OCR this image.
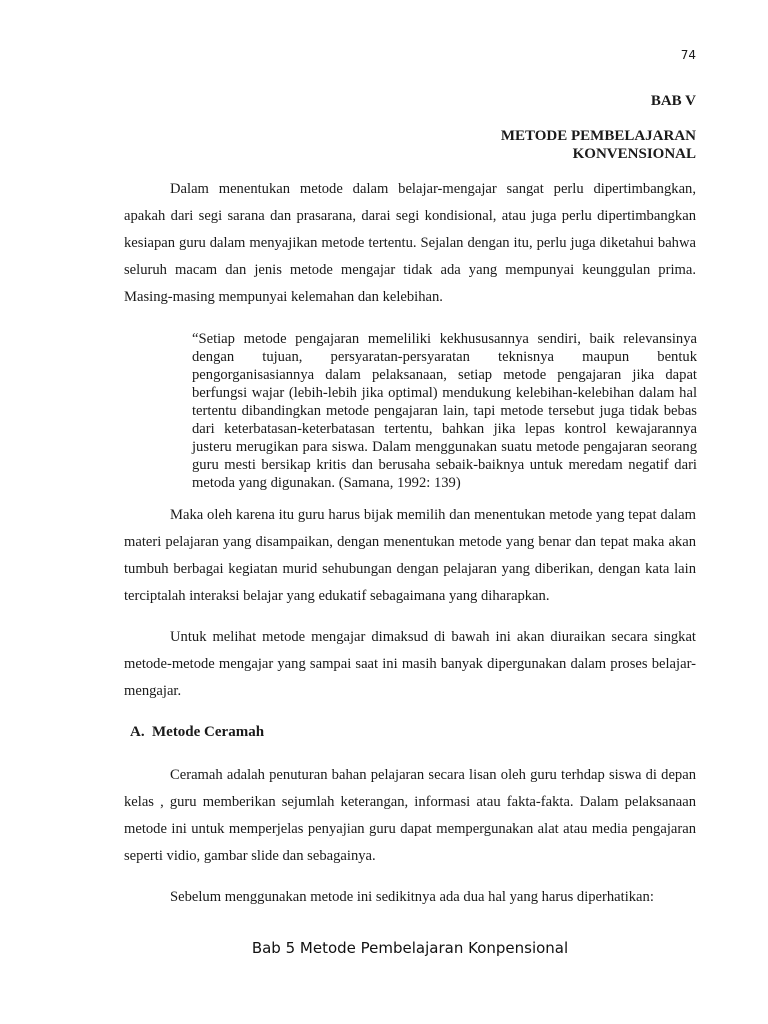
74
BAB V
METODE PEMBELAJARAN
KONVENSIONAL

Dalam menentukan metode dalam belajar-mengajar sangat perlu dipertimbangkan, apakah dari segi sarana dan prasarana, darai segi kondisional, atau juga perlu dipertimbangkan kesiapan guru dalam menyajikan metode tertentu. Sejalan dengan itu, perlu juga diketahui bahwa seluruh macam dan jenis metode mengajar tidak ada yang mempunyai keunggulan prima. Masing-masing mempunyai kelemahan dan kelebihan.

“Setiap metode pengajaran memeliliki kekhususannya sendiri, baik relevansinya dengan tujuan, persyaratan-persyaratan teknisnya maupun bentuk pengorganisasiannya dalam pelaksanaan, setiap metode pengajaran jika dapat berfungsi wajar (lebih-lebih jika optimal) mendukung kelebihan-kelebihan dalam hal tertentu dibandingkan metode pengajaran lain, tapi metode tersebut juga tidak bebas dari keterbatasan-keterbatasan tertentu, bahkan jika lepas kontrol kewajarannya justeru merugikan para siswa. Dalam menggunakan suatu metode pengajaran seorang guru mesti bersikap kritis dan berusaha sebaik-baiknya untuk meredam negatif dari metoda yang digunakan. (Samana, 1992: 139)

Maka oleh karena itu guru harus bijak memilih dan menentukan metode yang tepat dalam materi pelajaran yang disampaikan, dengan menentukan metode yang benar dan tepat maka akan tumbuh berbagai kegiatan murid sehubungan dengan pelajaran yang diberikan, dengan kata lain terciptalah interaksi belajar yang edukatif sebagaimana yang diharapkan.

Untuk melihat metode mengajar dimaksud di bawah ini akan diuraikan secara singkat metode-metode mengajar yang sampai saat ini masih banyak dipergunakan dalam proses belajar-mengajar.

A. Metode Ceramah

Ceramah adalah penuturan bahan pelajaran secara lisan oleh guru terhdap siswa di depan kelas , guru memberikan sejumlah keterangan, informasi atau fakta-fakta. Dalam pelaksanaan metode ini untuk memperjelas penyajian guru dapat mempergunakan alat atau media pengajaran seperti vidio, gambar slide dan sebagainya.

Sebelum menggunakan metode ini sedikitnya ada dua hal yang harus diperhatikan:

Bab 5 Metode Pembelajaran Konpensional
